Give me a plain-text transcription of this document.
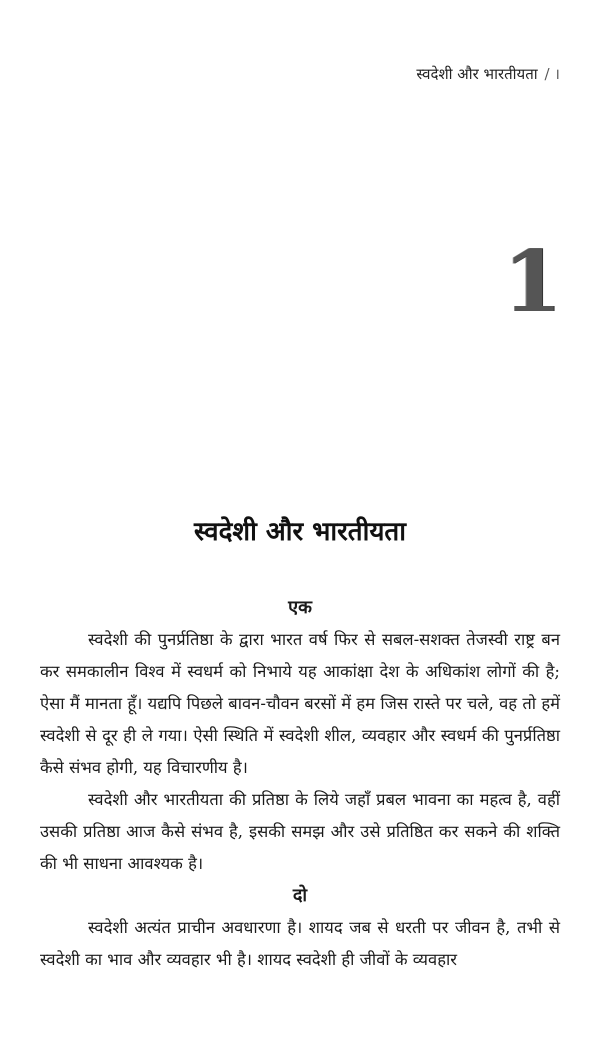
स्वदेशी और भारतीयता / ।
1
स्वदेशी और भारतीयता

एक

स्वदेशी की पुनर्प्रतिष्ठा के द्वारा भारत वर्ष फिर से सबल-सशक्त तेजस्वी राष्ट्र बन कर समकालीन विश्व में स्वधर्म को निभाये यह आकांक्षा देश के अधिकांश लोगों की है; ऐसा मैं मानता हूँ। यद्यपि पिछले बावन-चौवन बरसों में हम जिस रास्ते पर चले, वह तो हमें स्वदेशी से दूर ही ले गया। ऐसी स्थिति में स्वदेशी शील, व्यवहार और स्वधर्म की पुनर्प्रतिष्ठा कैसे संभव होगी, यह विचारणीय है।

स्वदेशी और भारतीयता की प्रतिष्ठा के लिये जहाँ प्रबल भावना का महत्व है, वहीं उसकी प्रतिष्ठा आज कैसे संभव है, इसकी समझ और उसे प्रतिष्ठित कर सकने की शक्ति की भी साधना आवश्यक है।

दो

स्वदेशी अत्यंत प्राचीन अवधारणा है। शायद जब से धरती पर जीवन है, तभी से स्वदेशी का भाव और व्यवहार भी है। शायद स्वदेशी ही जीवों के व्यवहार
